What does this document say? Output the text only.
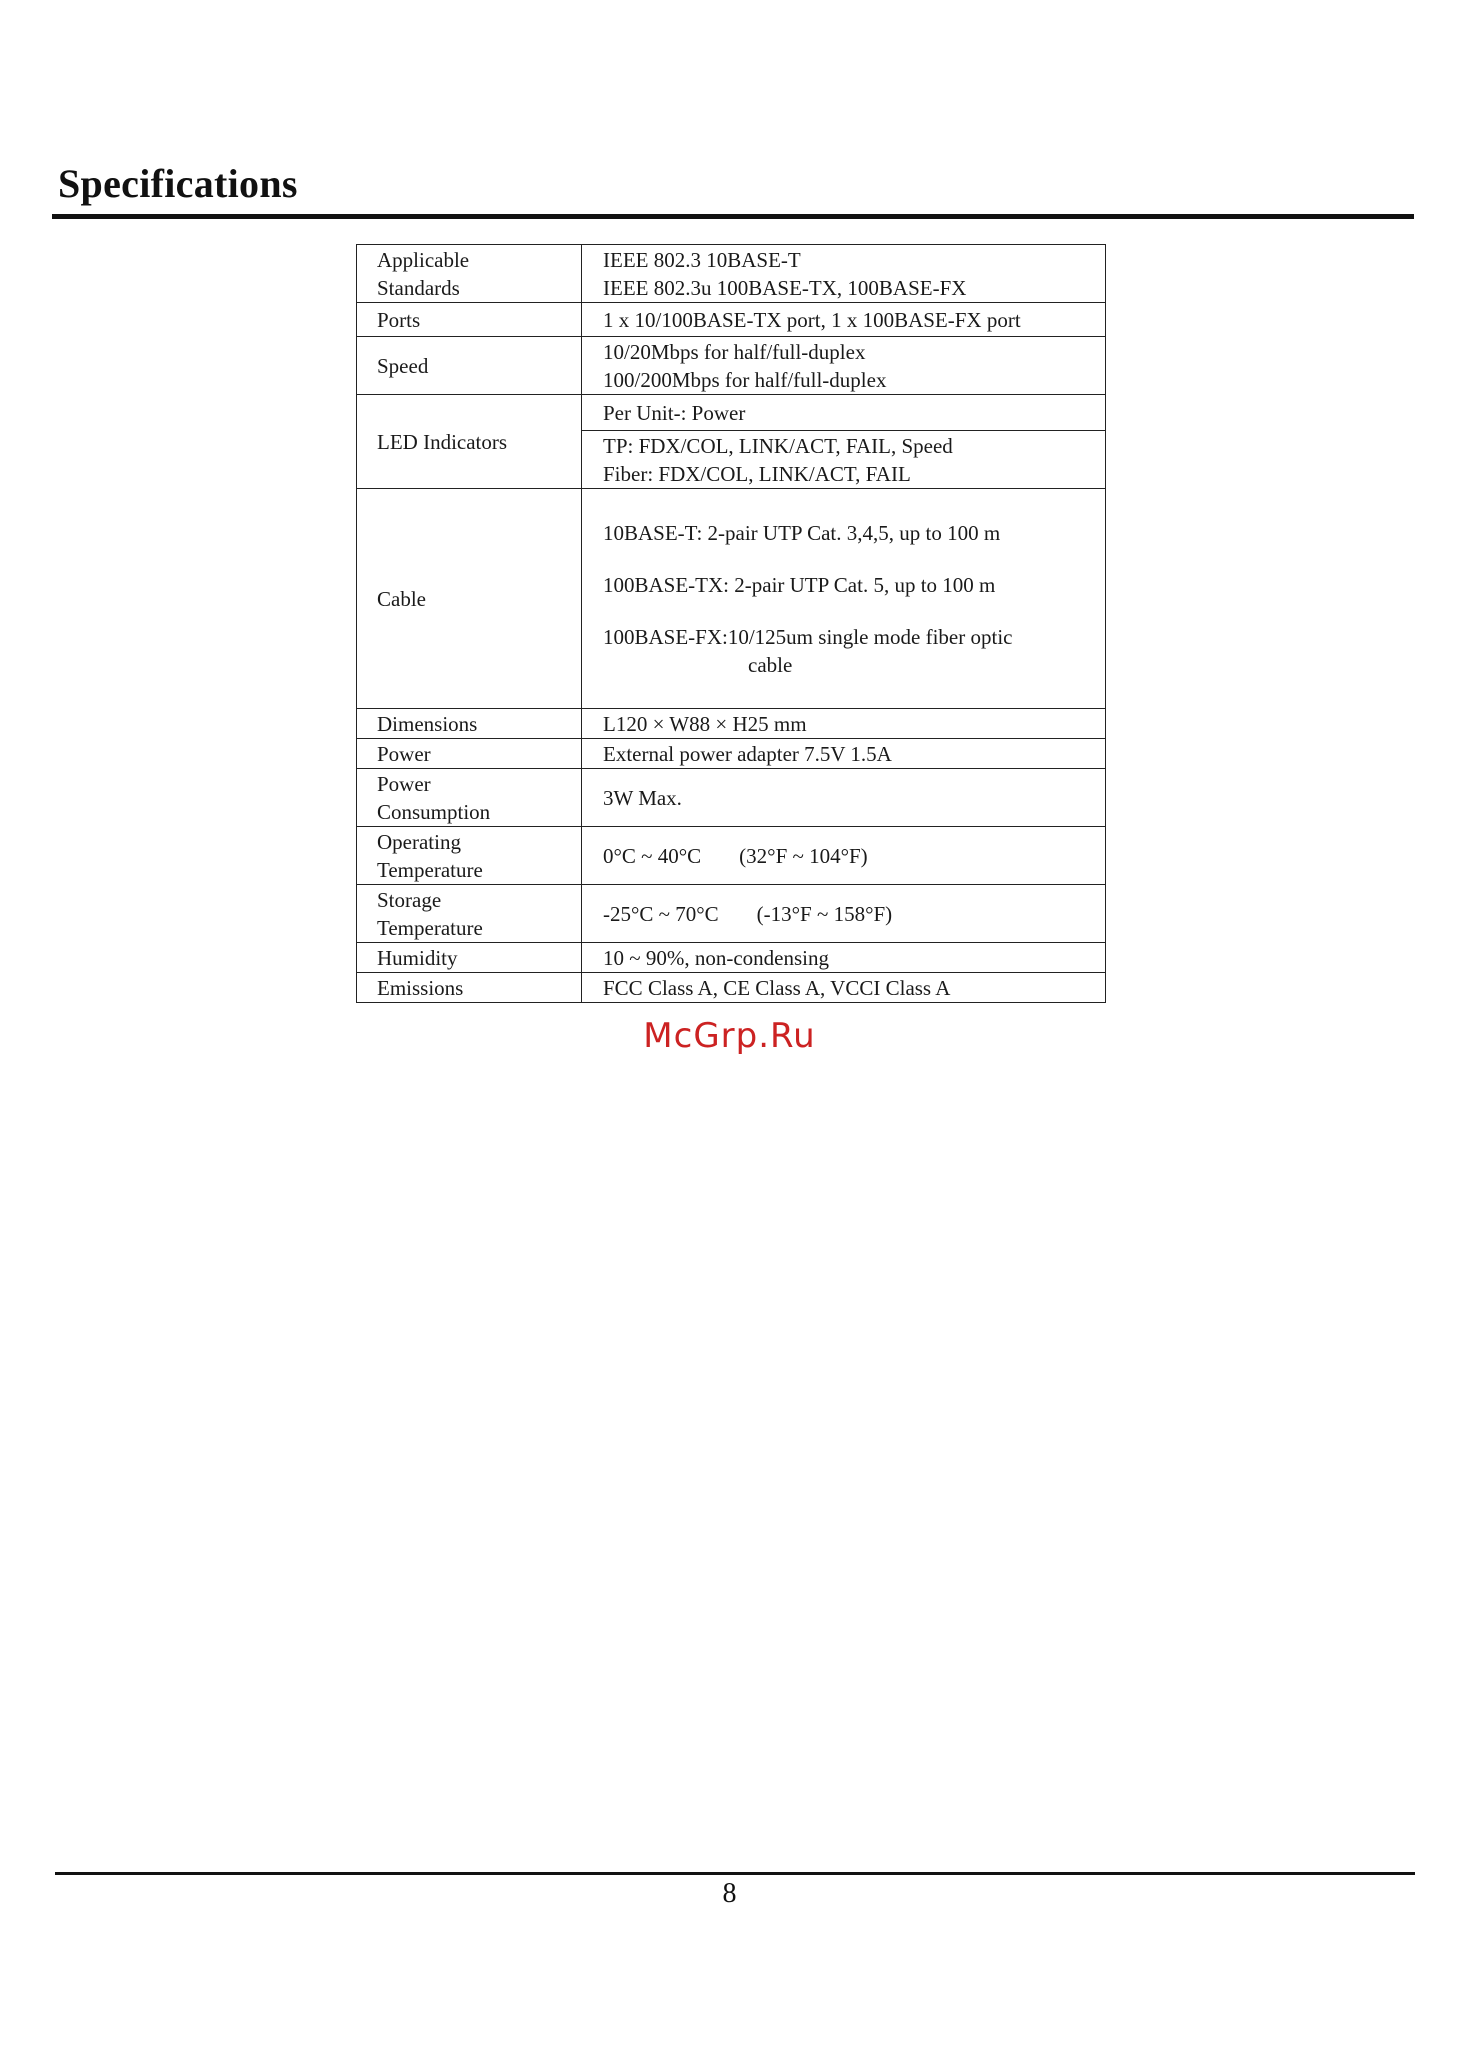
Specifications
Applicable
Standards	IEEE 802.3 10BASE-T
IEEE 802.3u 100BASE-TX, 100BASE-FX

Ports	1 x 10/100BASE-TX port, 1 x 100BASE-FX port
Speed	10/20Mbps for half/full-duplex
100/200Mbps for half/full-duplex

LED Indicators	Per Unit-: Power

	TP: FDX/COL, LINK/ACT, FAIL, Speed
Fiber: FDX/COL, LINK/ACT, FAIL

Cable	10BASE-T: 2-pair UTP Cat. 3,4,5, up to 100 m
100BASE-TX: 2-pair UTP Cat. 5, up to 100 m
100BASE-FX:10/125um single mode fiber optic
cable

Dimensions	L120 × W88 × H25 mm
Power	External power adapter 7.5V 1.5A

Power
Consumption	3W Max.

Operating
Temperature	0°C ~ 40°C (32°F ~ 104°F)

Storage
Temperature	-25°C ~ 70°C (-13°F ~ 158°F)
Humidity	10 ~ 90%, non-condensing
Emissions	FCC Class A, CE Class A, VCCI Class A
McGrp.Ru
8
